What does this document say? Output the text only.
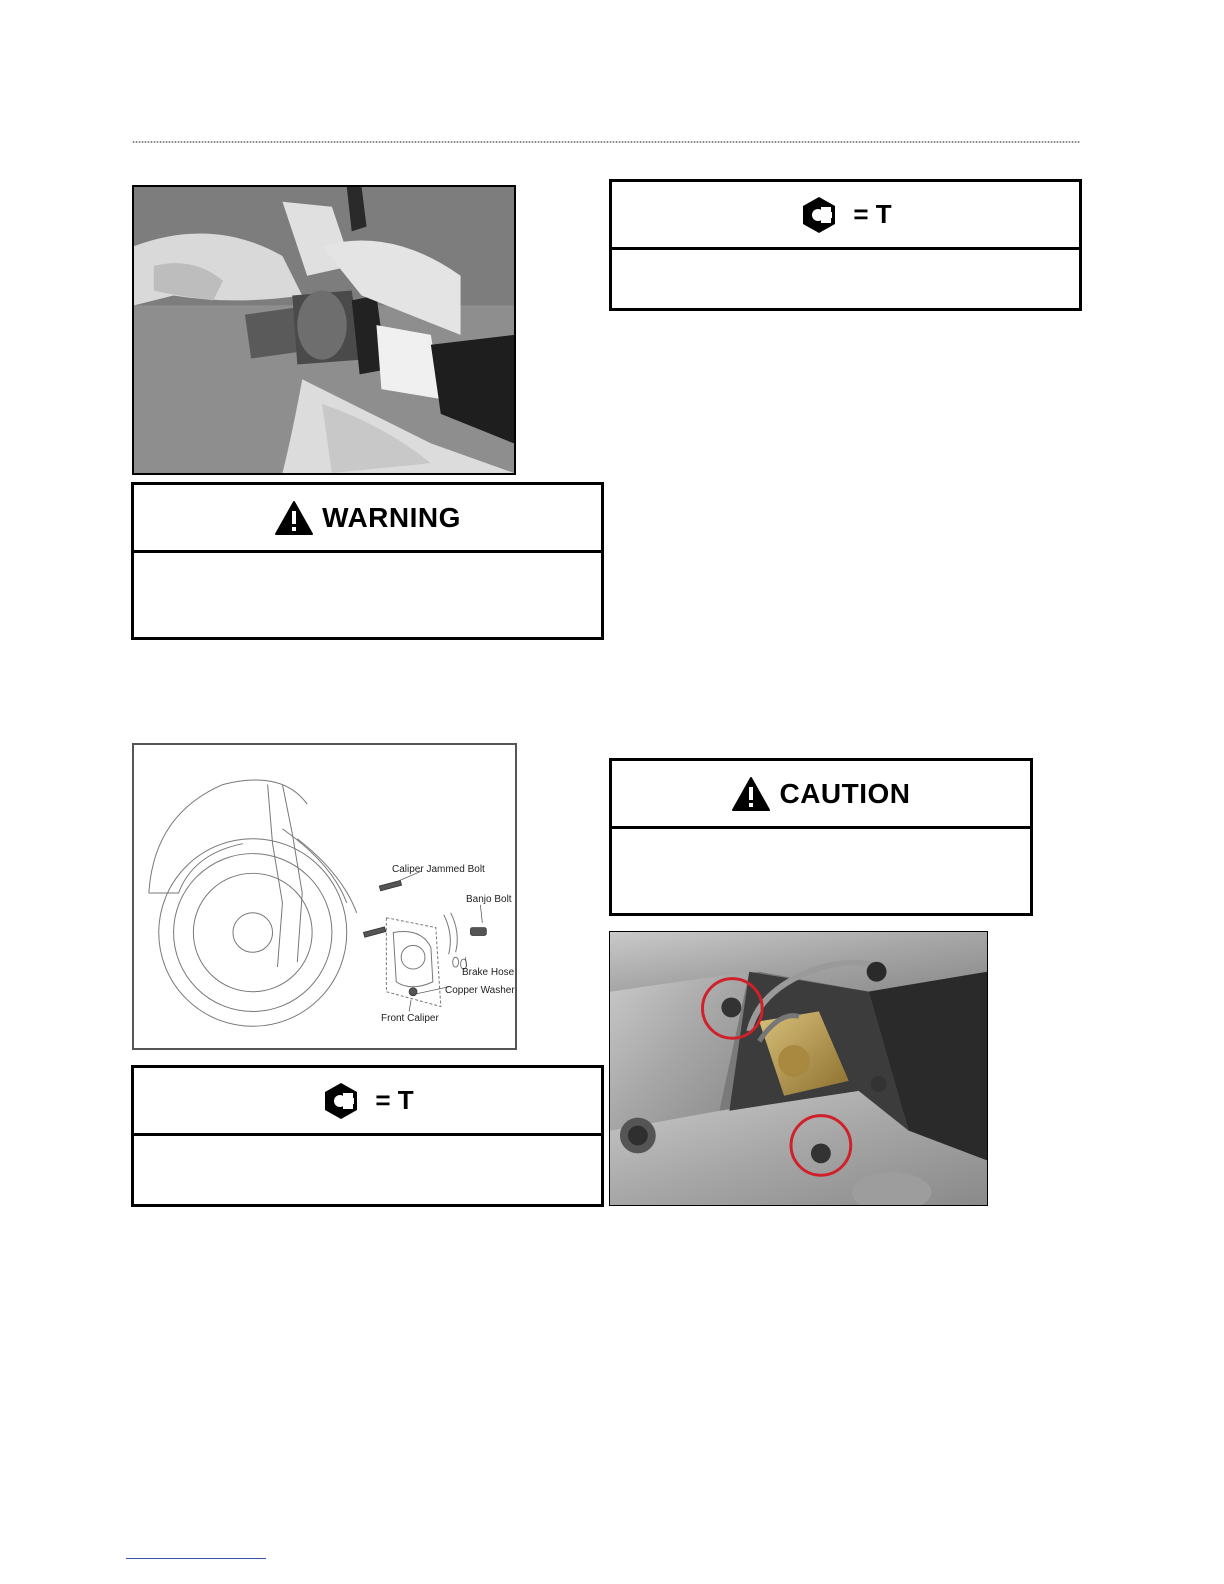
WARNING
= T
Caliper Jammed Bolt
Banjo Bolt
Brake Hose
Copper Washer
Front Caliper
= T
CAUTION
